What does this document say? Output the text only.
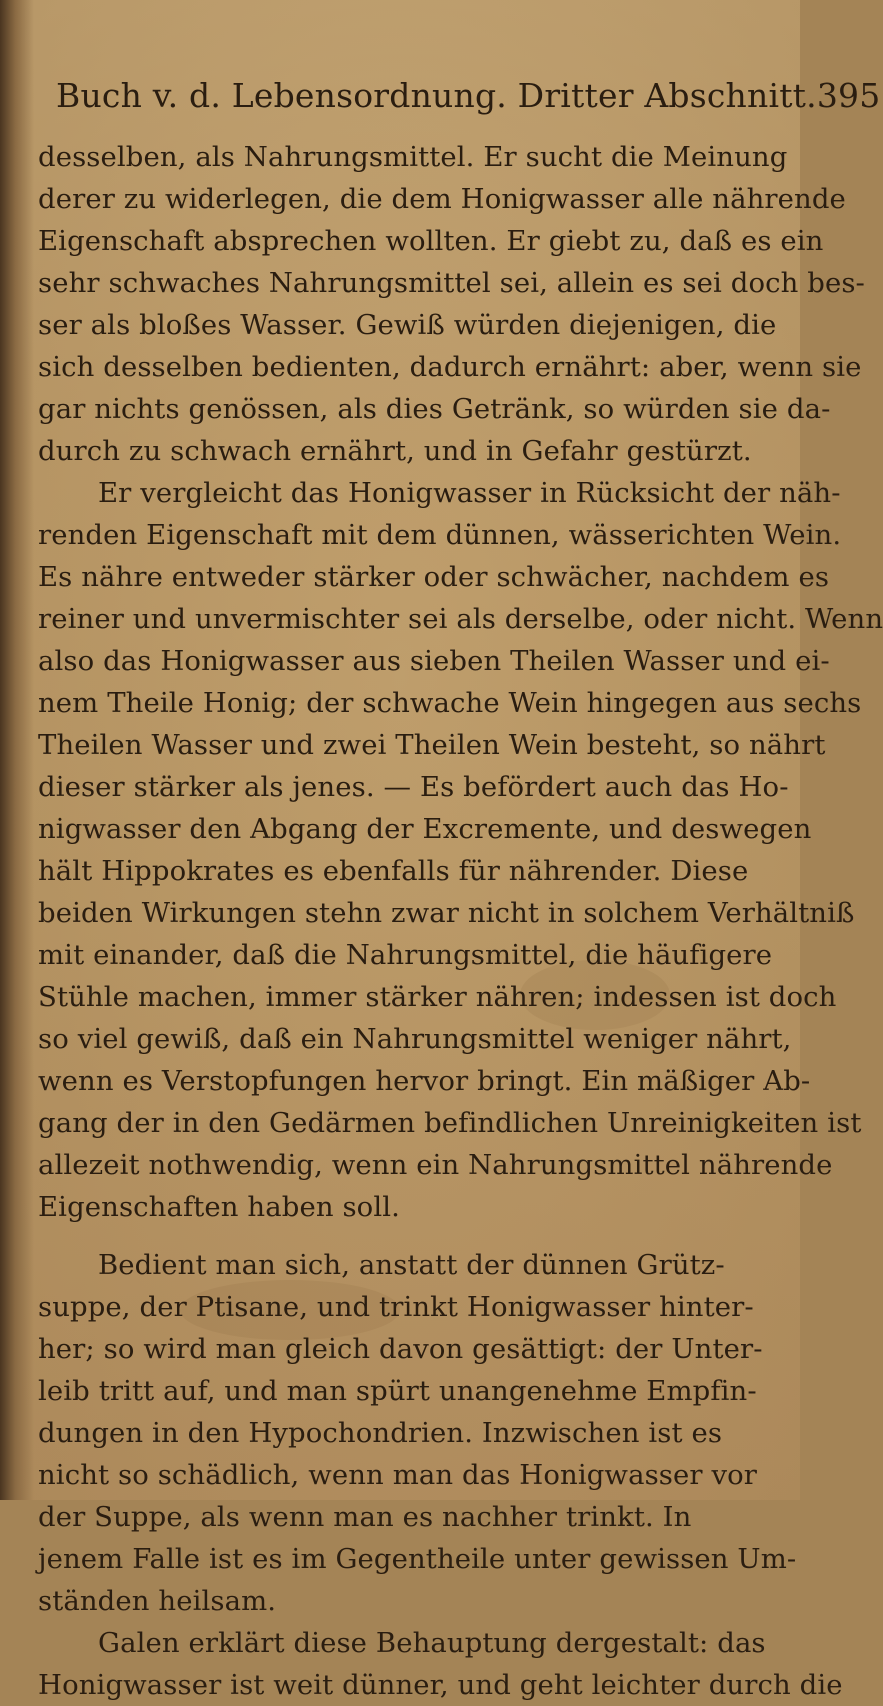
Buch v. d. Lebensordnung. Dritter Abschnitt. 395
desselben, als Nahrungsmittel. Er sucht die Meinung
derer zu widerlegen, die dem Honigwasser alle nährende
Eigenschaft absprechen wollten. Er giebt zu, daß es ein
sehr schwaches Nahrungsmittel sei, allein es sei doch bes-
ser als bloßes Wasser. Gewiß würden diejenigen, die
sich desselben bedienten, dadurch ernährt: aber, wenn sie
gar nichts genössen, als dies Getränk, so würden sie da-
durch zu schwach ernährt, und in Gefahr gestürzt.
Er vergleicht das Honigwasser in Rücksicht der näh-
renden Eigenschaft mit dem dünnen, wässerichten Wein.
Es nähre entweder stärker oder schwächer, nachdem es
reiner und unvermischter sei als derselbe, oder nicht. Wenn
also das Honigwasser aus sieben Theilen Wasser und ei-
nem Theile Honig; der schwache Wein hingegen aus sechs
Theilen Wasser und zwei Theilen Wein besteht, so nährt
dieser stärker als jenes. — Es befördert auch das Ho-
nigwasser den Abgang der Excremente, und deswegen
hält Hippokrates es ebenfalls für nährender. Diese
beiden Wirkungen stehn zwar nicht in solchem Verhältniß
mit einander, daß die Nahrungsmittel, die häufigere
Stühle machen, immer stärker nähren; indessen ist doch
so viel gewiß, daß ein Nahrungsmittel weniger nährt,
wenn es Verstopfungen hervor bringt. Ein mäßiger Ab-
gang der in den Gedärmen befindlichen Unreinigkeiten ist
allezeit nothwendig, wenn ein Nahrungsmittel nährende
Eigenschaften haben soll.
Bedient man sich, anstatt der dünnen Grütz-
suppe, der Ptisane, und trinkt Honigwasser hinter-
her; so wird man gleich davon gesättigt: der Unter-
leib tritt auf, und man spürt unangenehme Empfin-
dungen in den Hypochondrien. Inzwischen ist es
nicht so schädlich, wenn man das Honigwasser vor
der Suppe, als wenn man es nachher trinkt. In
jenem Falle ist es im Gegentheile unter gewissen Um-
ständen heilsam.
Galen erklärt diese Behauptung dergestalt: das
Honigwasser ist weit dünner, und geht leichter durch die
